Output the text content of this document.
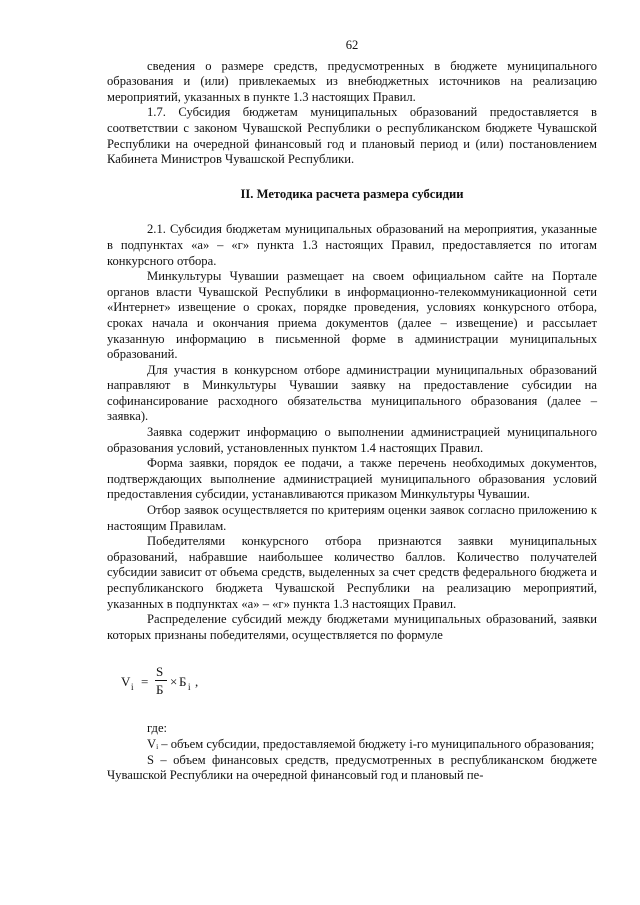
62

сведения о размере средств, предусмотренных в бюджете муниципального образования и (или) привлекаемых из внебюджетных источников на реализацию мероприятий, указанных в пункте 1.3 настоящих Правил.

1.7. Субсидия бюджетам муниципальных образований предоставляется в соответствии с законом Чувашской Республики о республиканском бюджете Чувашской Республики на очередной финансовый год и плановый период и (или) постановлением Кабинета Министров Чувашской Республики.

II. Методика расчета размера субсидии

2.1. Субсидия бюджетам муниципальных образований на мероприятия, указанные в подпунктах «а» – «г» пункта 1.3 настоящих Правил, предоставляется по итогам конкурсного отбора.

Минкультуры Чувашии размещает на своем официальном сайте на Портале органов власти Чувашской Республики в информационно-телекоммуникационной сети «Интернет» извещение о сроках, порядке проведения, условиях конкурсного отбора, сроках начала и окончания приема документов (далее – извещение) и рассылает указанную информацию в письменной форме в администрации муниципальных образований.

Для участия в конкурсном отборе администрации муниципальных образований направляют в Минкультуры Чувашии заявку на предоставление субсидии на софинансирование расходного обязательства муниципального образования (далее – заявка).

Заявка содержит информацию о выполнении администрацией муниципального образования условий, установленных пунктом 1.4 настоящих Правил.

Форма заявки, порядок ее подачи, а также перечень необходимых документов, подтверждающих выполнение администрацией муниципального образования условий предоставления субсидии, устанавливаются приказом Минкультуры Чувашии.

Отбор заявок осуществляется по критериям оценки заявок согласно приложению к настоящим Правилам.

Победителями конкурсного отбора признаются заявки муниципальных образований, набравшие наибольшее количество баллов. Количество получателей субсидии зависит от объема средств, выделенных за счет средств федерального бюджета и республиканского бюджета Чувашской Республики на реализацию мероприятий, указанных в подпунктах «а» – «г» пункта 1.3 настоящих Правил.

Распределение субсидий между бюджетами муниципальных образований, заявки которых признаны победителями, осуществляется по формуле

V i =
S
Б
× Б i ,

где:

Vᵢ – объем субсидии, предоставляемой бюджету i-го муниципального образования;

S – объем финансовых средств, предусмотренных в республиканском бюджете Чувашской Республики на очередной финансовый год и плановый пе-
